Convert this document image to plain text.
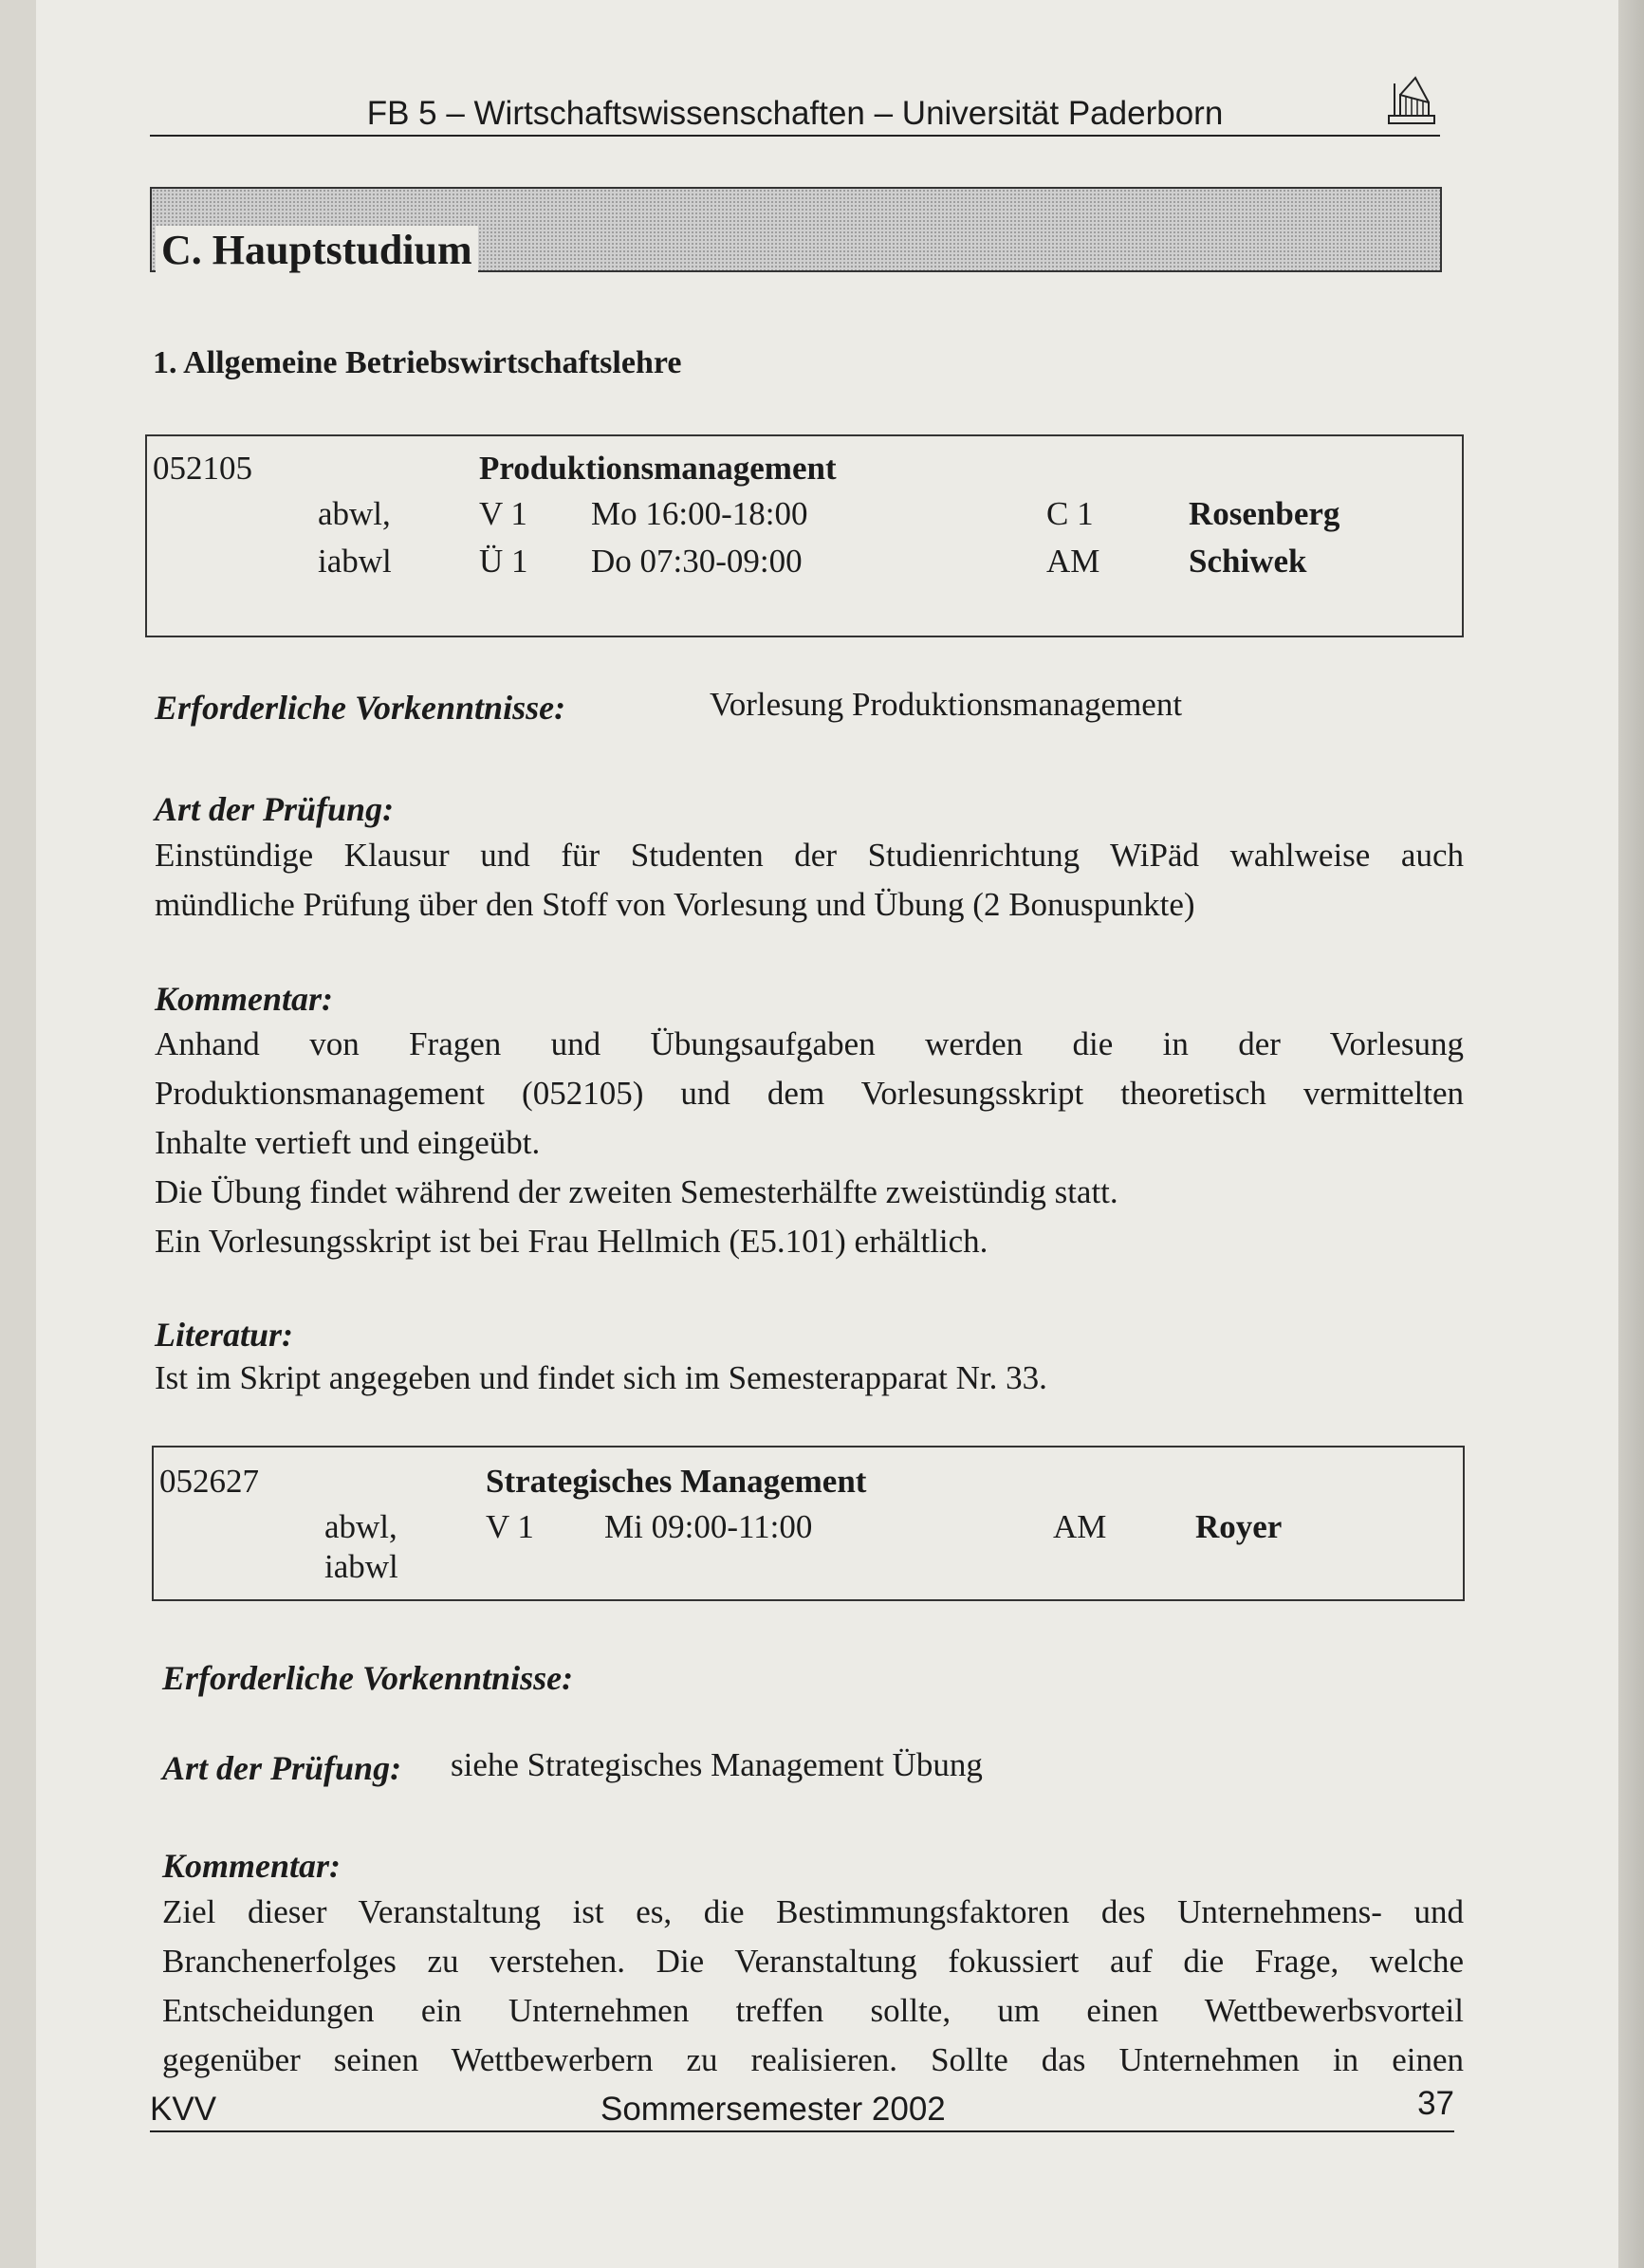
FB 5 – Wirtschaftswissenschaften – Universität Paderborn
C. Hauptstudium
1. Allgemeine Betriebswirtschaftslehre
052105	Produktionsmanagement
abwl,	V 1 Mo 16:00-18:00	C 1	Rosenberg
iabwl	Ü 1 Do 07:30-09:00	AM	Schiwek
Erforderliche Vorkenntnisse:	Vorlesung Produktionsmanagement
Art der Prüfung:

Einstündige Klausur und für Studenten der Studienrichtung WiPäd wahlweise auch

mündliche Prüfung über den Stoff von Vorlesung und Übung (2 Bonuspunkte)

Kommentar:

Anhand von Fragen und Übungsaufgaben werden die in der Vorlesung

Produktionsmanagement (052105) und dem Vorlesungsskript theoretisch vermittelten

Inhalte vertieft und eingeübt.

Die Übung findet während der zweiten Semesterhälfte zweistündig statt.

Ein Vorlesungsskript ist bei Frau Hellmich (E5.101) erhältlich.

Literatur:
Ist im Skript angegeben und findet sich im Semesterapparat Nr. 33.
052627	Strategisches Management
abwl,	V 1 Mi 09:00-11:00	AM	Royer
iabwl
Erforderliche Vorkenntnisse:
Art der Prüfung: siehe Strategisches Management Übung
Kommentar:

Ziel dieser Veranstaltung ist es, die Bestimmungsfaktoren des Unternehmens- und

Branchenerfolges zu verstehen. Die Veranstaltung fokussiert auf die Frage, welche

Entscheidungen ein Unternehmen treffen sollte, um einen Wettbewerbsvorteil

gegenüber seinen Wettbewerbern zu realisieren. Sollte das Unternehmen in einen

KVV	Sommersemester 2002	37
